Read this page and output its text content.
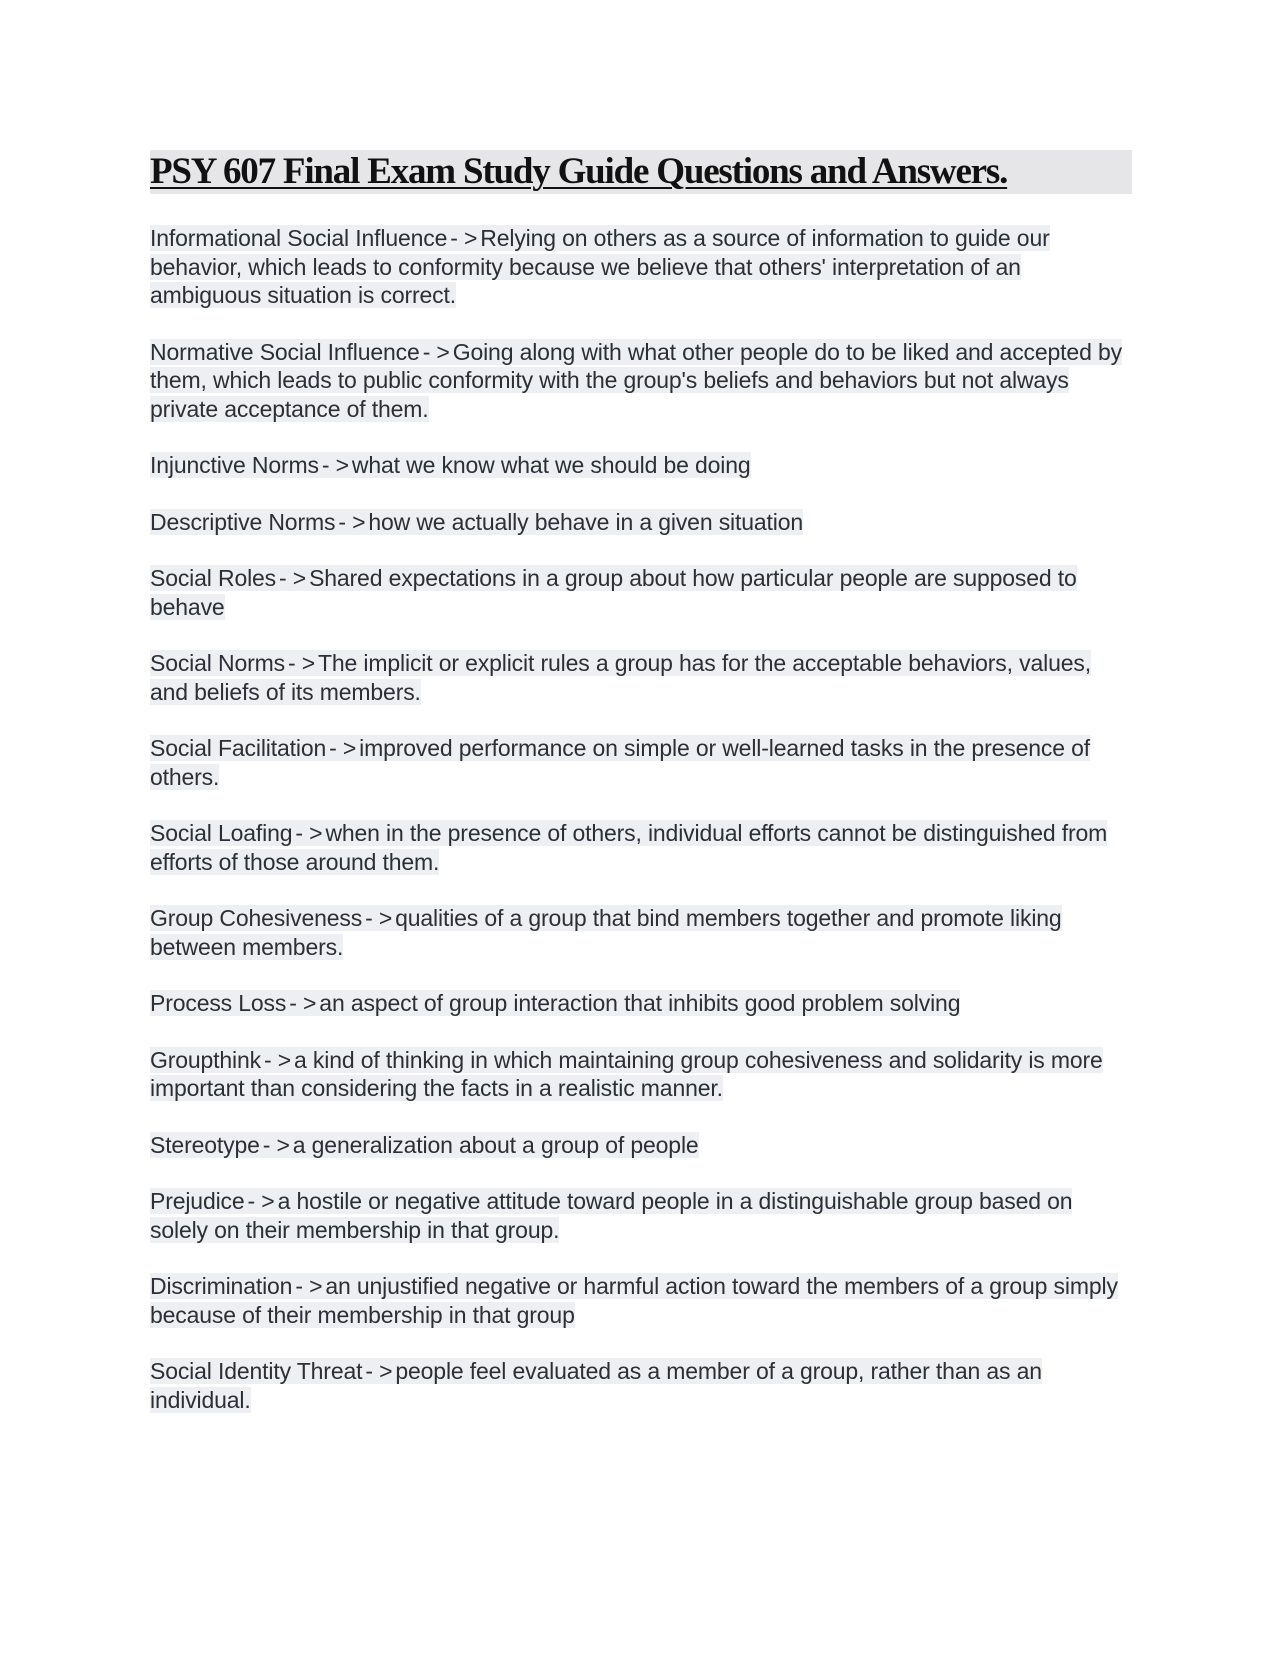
PSY 607 Final Exam Study Guide Questions and Answers.

Informational Social Influence - > Relying on others as a source of information to guide our behavior, which leads to conformity because we believe that others' interpretation of an ambiguous situation is correct.

Normative Social Influence - > Going along with what other people do to be liked and accepted by them, which leads to public conformity with the group's beliefs and behaviors but not always private acceptance of them.

Injunctive Norms - > what we know what we should be doing

Descriptive Norms - > how we actually behave in a given situation

Social Roles - > Shared expectations in a group about how particular people are supposed to behave

Social Norms - > The implicit or explicit rules a group has for the acceptable behaviors, values, and beliefs of its members.

Social Facilitation - > improved performance on simple or well-learned tasks in the presence of others.

Social Loafing - > when in the presence of others, individual efforts cannot be distinguished from efforts of those around them.

Group Cohesiveness - > qualities of a group that bind members together and promote liking between members.

Process Loss - > an aspect of group interaction that inhibits good problem solving

Groupthink - > a kind of thinking in which maintaining group cohesiveness and solidarity is more important than considering the facts in a realistic manner.

Stereotype - > a generalization about a group of people

Prejudice - > a hostile or negative attitude toward people in a distinguishable group based on solely on their membership in that group.

Discrimination - > an unjustified negative or harmful action toward the members of a group simply because of their membership in that group

Social Identity Threat - > people feel evaluated as a member of a group, rather than as an individual.
